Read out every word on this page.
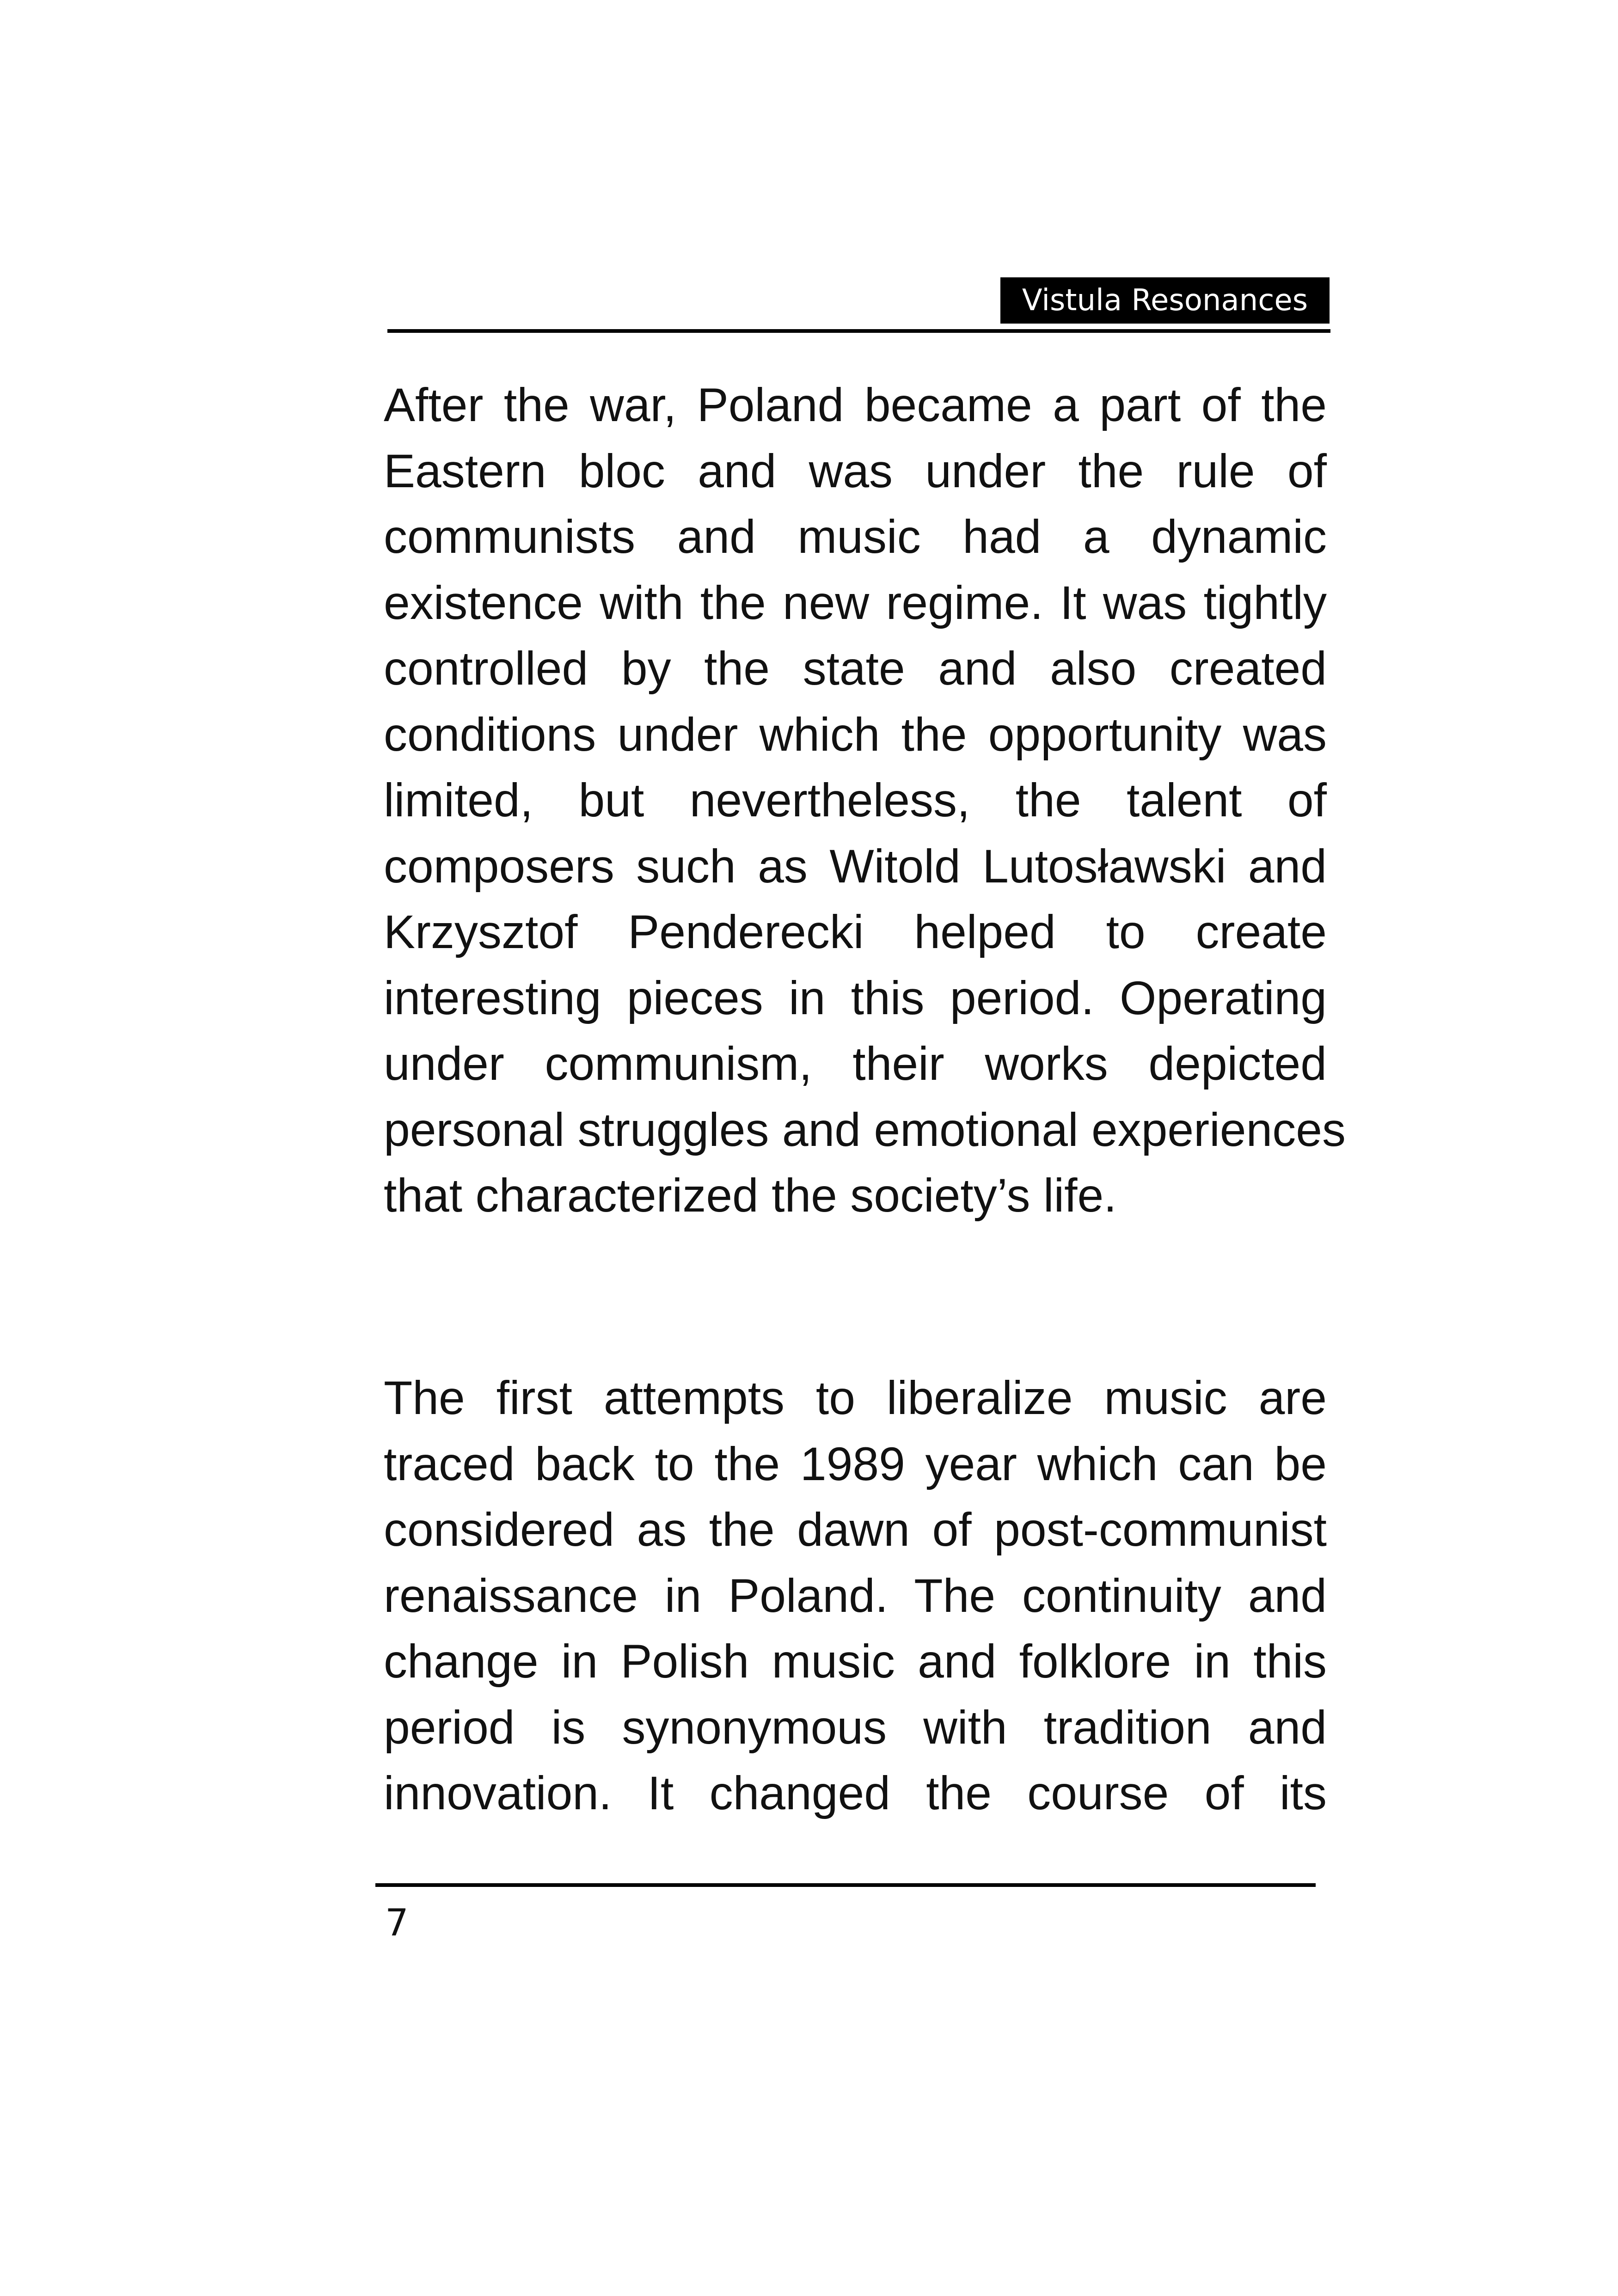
Vistula Resonances

After the war, Poland became a part of the
Eastern bloc and was under the rule of
communists and music had a dynamic
existence with the new regime. It was tightly
controlled by the state and also created
conditions under which the opportunity was
limited, but nevertheless, the talent of
composers such as Witold Lutosławski and
Krzysztof Penderecki helped to create
interesting pieces in this period. Operating
under communism, their works depicted
personal struggles and emotional experiences
that characterized the society’s life.

The first attempts to liberalize music are
traced back to the 1989 year which can be
considered as the dawn of post-communist
renaissance in Poland. The continuity and
change in Polish music and folklore in this
period is synonymous with tradition and
innovation. It changed the course of its

7
